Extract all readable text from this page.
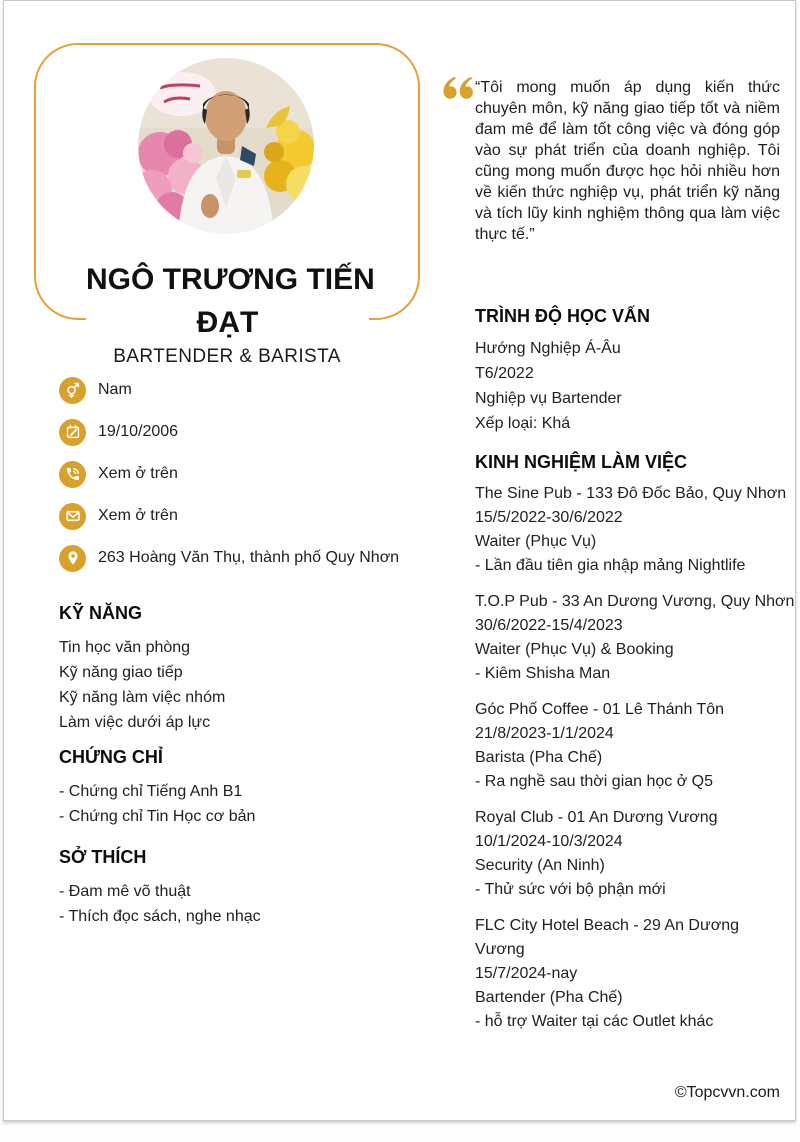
NGÔ TRƯƠNG TIẾN
ĐẠT
BARTENDER & BARISTA
Nam
19/10/2006
Xem ở trên
Xem ở trên
263 Hoàng Văn Thụ, thành phố Quy Nhơn
KỸ NĂNG
Tin học văn phòng
Kỹ năng giao tiếp
Kỹ năng làm việc nhóm
Làm việc dưới áp lực
CHỨNG CHỈ
- Chứng chỉ Tiếng Anh B1
- Chứng chỉ Tin Học cơ bản
SỞ THÍCH
- Đam mê võ thuật
- Thích đọc sách, nghe nhạc

“Tôi mong muốn áp dụng kiến thức chuyên môn, kỹ năng giao tiếp tốt và niềm đam mê để làm tốt công việc và đóng góp vào sự phát triển của doanh nghiệp. Tôi cũng mong muốn được học hỏi nhiều hơn về kiến thức nghiệp vụ, phát triển kỹ năng và tích lũy kinh nghiệm thông qua làm việc thực tế.”

TRÌNH ĐỘ HỌC VẤN
Hướng Nghiệp Á-Âu
T6/2022
Nghiệp vụ Bartender
Xếp loại: Khá
KINH NGHIỆM LÀM VIỆC
The Sine Pub - 133 Đô Đốc Bảo, Quy Nhơn
15/5/2022-30/6/2022
Waiter (Phục Vụ)
- Lần đầu tiên gia nhập mảng Nightlife
T.O.P Pub - 33 An Dương Vương, Quy Nhơn
30/6/2022-15/4/2023
Waiter (Phục Vụ) & Booking
- Kiêm Shisha Man
Góc Phố Coffee - 01 Lê Thánh Tôn
21/8/2023-1/1/2024
Barista (Pha Chế)
- Ra nghề sau thời gian học ở Q5
Royal Club - 01 An Dương Vương
10/1/2024-10/3/2024
Security (An Ninh)
- Thử sức với bộ phận mới
FLC City Hotel Beach - 29 An Dương
Vương
15/7/2024-nay
Bartender (Pha Chế)
- hỗ trợ Waiter tại các Outlet khác
©Topcvvn.com
